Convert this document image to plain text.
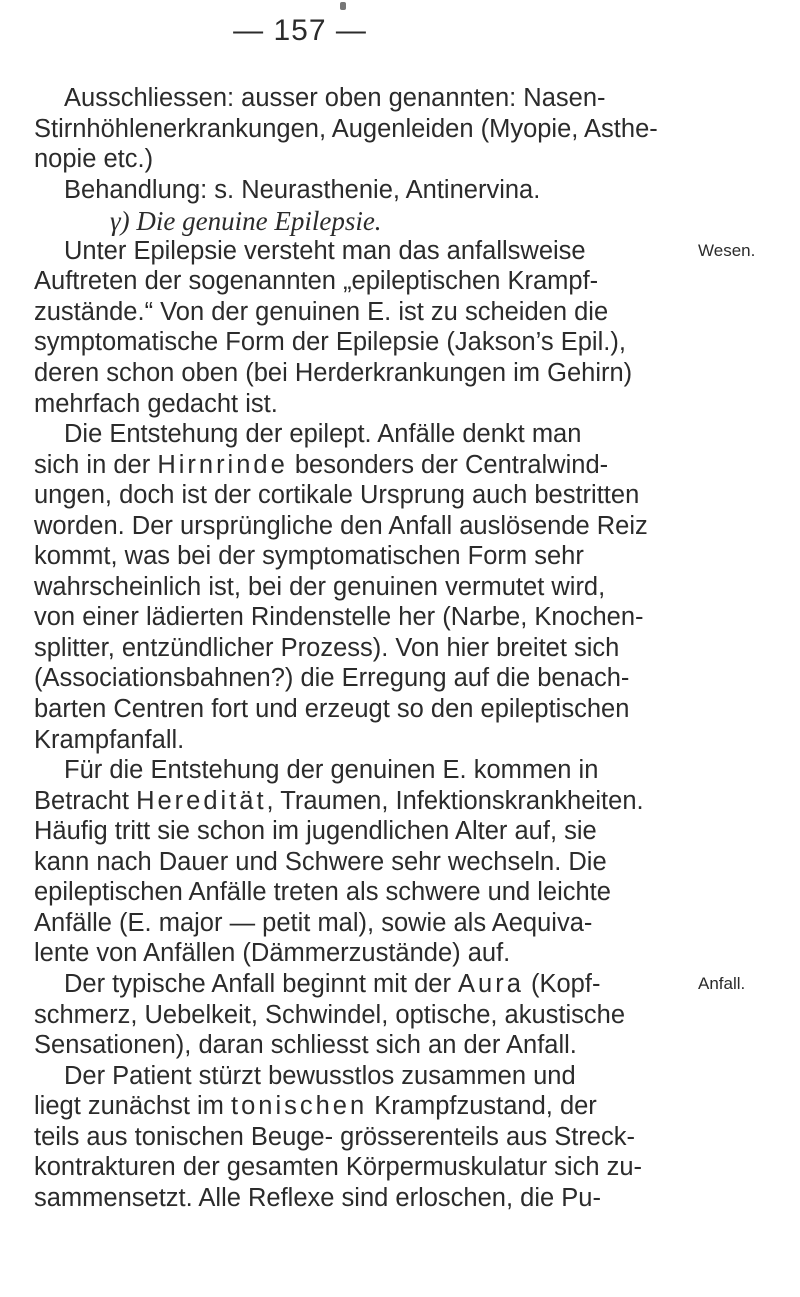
— 157 —

Ausschliessen: ausser oben genannten: Nasen-

Stirnhöhlenerkrankungen, Augenleiden (Myopie, Asthe-

nopie etc.)

Behandlung: s. Neurasthenie, Antinervina.

γ) Die genuine Epilepsie.

Unter Epilepsie versteht man das anfallsweise

Auftreten der sogenannten „epileptischen Krampf-

zustände.“ Von der genuinen E. ist zu scheiden die

symptomatische Form der Epilepsie (Jakson’s Epil.),

deren schon oben (bei Herderkrankungen im Gehirn)

mehrfach gedacht ist.

Die Entstehung der epilept. Anfälle denkt man

sich in der Hirnrinde besonders der Centralwind-

ungen, doch ist der cortikale Ursprung auch bestritten

worden. Der ursprüngliche den Anfall auslösende Reiz

kommt, was bei der symptomatischen Form sehr

wahrscheinlich ist, bei der genuinen vermutet wird,

von einer lädierten Rindenstelle her (Narbe, Knochen-

splitter, entzündlicher Prozess). Von hier breitet sich

(Associationsbahnen?) die Erregung auf die benach-

barten Centren fort und erzeugt so den epileptischen

Krampfanfall.

Für die Entstehung der genuinen E. kommen in

Betracht Heredität, Traumen, Infektionskrankheiten.

Häufig tritt sie schon im jugendlichen Alter auf, sie

kann nach Dauer und Schwere sehr wechseln. Die

epileptischen Anfälle treten als schwere und leichte

Anfälle (E. major — petit mal), sowie als Aequiva-

lente von Anfällen (Dämmerzustände) auf.

Der typische Anfall beginnt mit der Aura (Kopf-

schmerz, Uebelkeit, Schwindel, optische, akustische

Sensationen), daran schliesst sich an der Anfall.

Der Patient stürzt bewusstlos zusammen und

liegt zunächst im tonischen Krampfzustand, der

teils aus tonischen Beuge- grösserenteils aus Streck-

kontrakturen der gesamten Körpermuskulatur sich zu-

sammensetzt. Alle Reflexe sind erloschen, die Pu-

Wesen.
Anfall.
